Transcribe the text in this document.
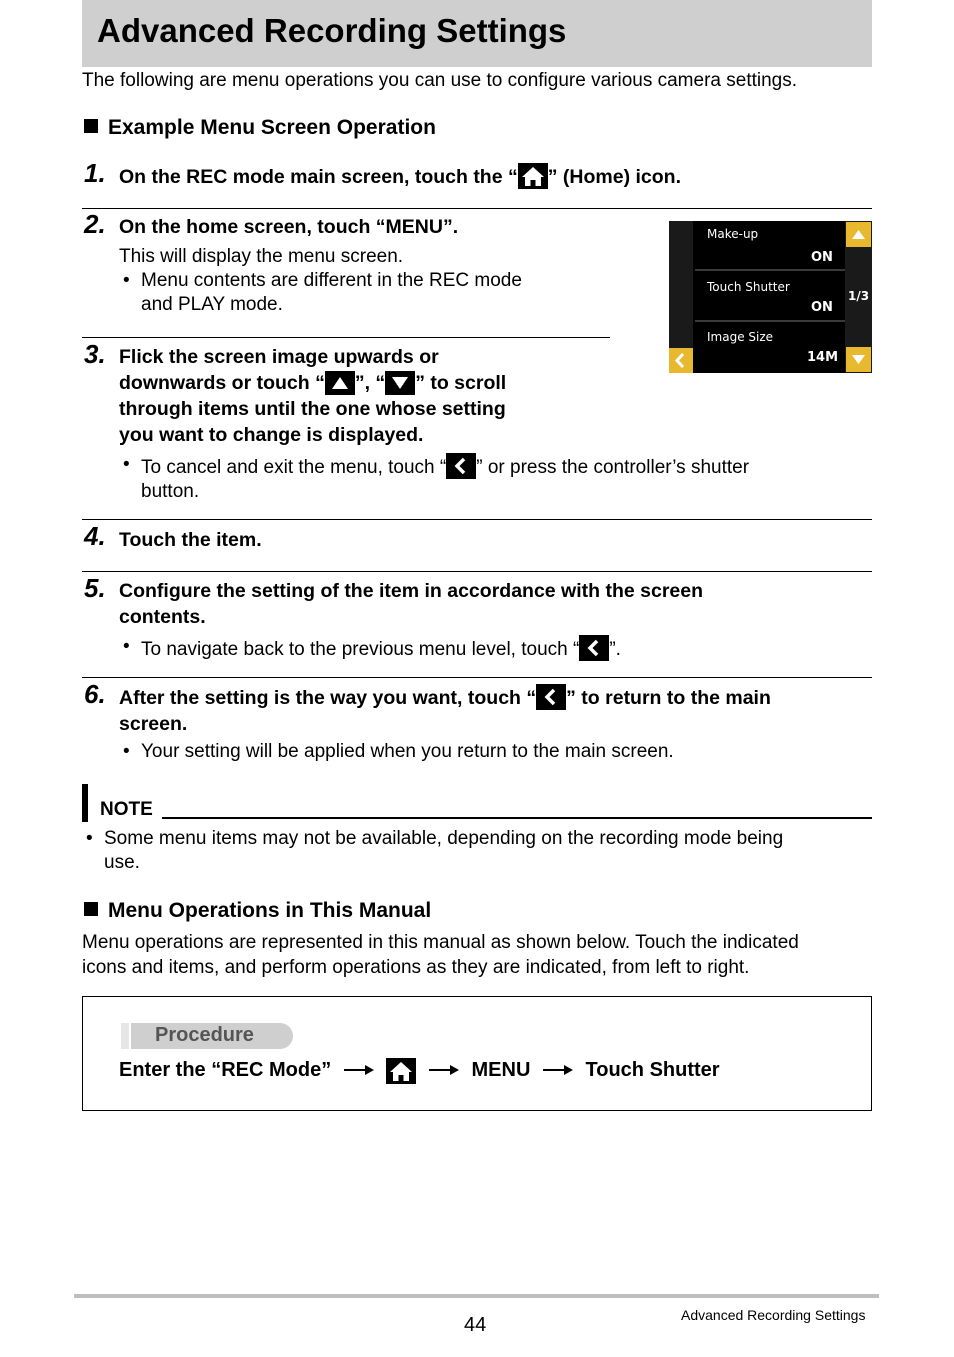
Advanced Recording Settings
The following are menu operations you can use to configure various camera settings.
Example Menu Screen Operation
1. On the REC mode main screen, touch the “ ” (Home) icon.
2. On the home screen, touch “MENU”.
This will display the menu screen.
• Menu contents are different in the REC mode
and PLAY mode.	1/3
Make-up
ON
Touch Shutter
ON
Image Size
14M
3. Flick the screen image upwards or
downwards or touch “ ”, “ ” to scroll
through items until the one whose setting
you want to change is displayed.
• To cancel and exit the menu, touch “ ” or press the controller’s shutter
button.
4. Touch the item.
5. Configure the setting of the item in accordance with the screen
contents.
• To navigate back to the previous menu level, touch “ ”.
6. After the setting is the way you want, touch “ ” to return to the main
screen.
• Your setting will be applied when you return to the main screen.
NOTE
• Some menu items may not be available, depending on the recording mode being
use.
Menu Operations in This Manual
Menu operations are represented in this manual as shown below. Touch the indicated
icons and items, and perform operations as they are indicated, from left to right.
Procedure
Enter the “REC Mode”	MENU	Touch Shutter
44	Advanced Recording Settings
